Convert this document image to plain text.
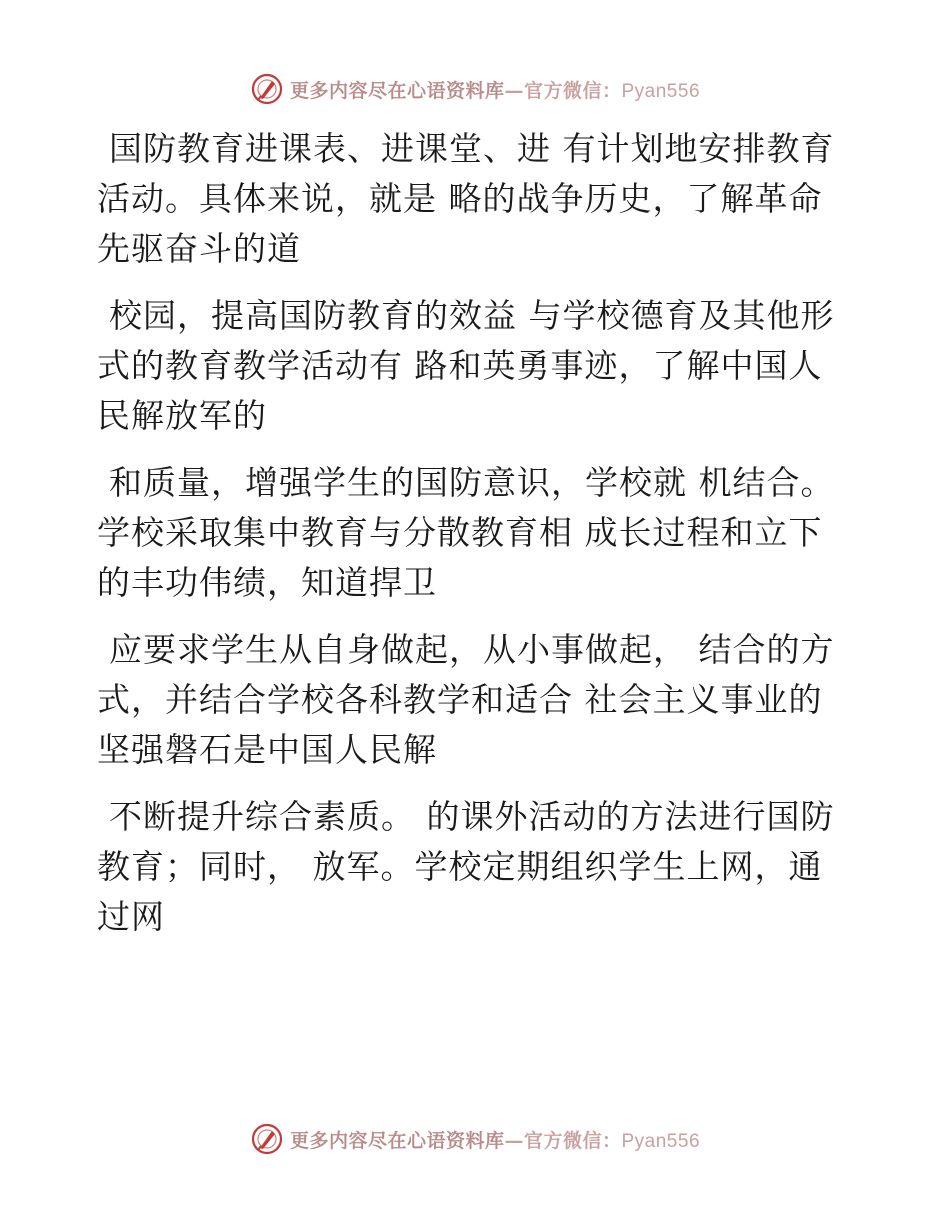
更多内容尽在心语资料库—官方微信：Pyan556

国防教育进课表、进课堂、进 有计划地安排教育
活动。具体来说，就是 略的战争历史，了解革命
先驱奋斗的道

校园，提高国防教育的效益 与学校德育及其他形
式的教育教学活动有 路和英勇事迹，了解中国人
民解放军的

和质量，增强学生的国防意识，学校就 机结合。
学校采取集中教育与分散教育相 成长过程和立下
的丰功伟绩，知道捍卫

应要求学生从自身做起，从小事做起， 结合的方
式，并结合学校各科教学和适合 社会主义事业的
坚强磐石是中国人民解

不断提升综合素质。 的课外活动的方法进行国防
教育；同时， 放军。学校定期组织学生上网，通
过网

更多内容尽在心语资料库—官方微信：Pyan556
